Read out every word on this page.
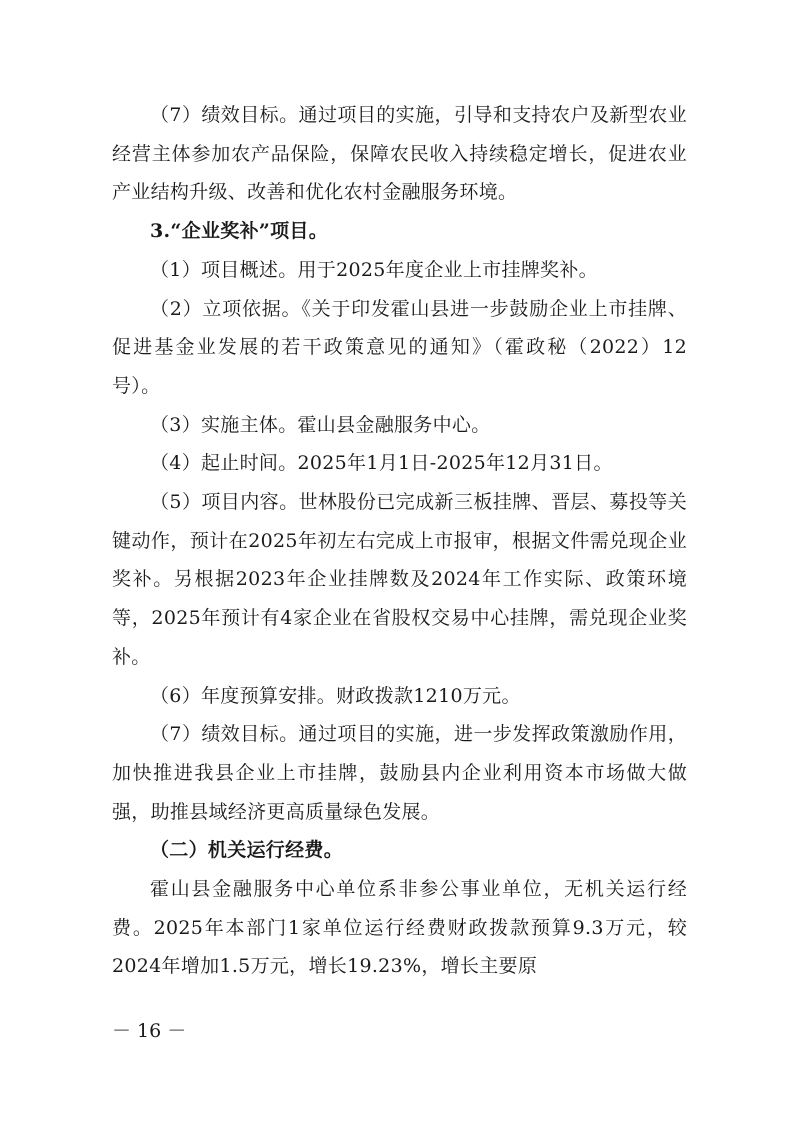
（7）绩效目标。通过项目的实施，引导和支持农户及新型农业经营主体参加农产品保险，保障农民收入持续稳定增长，促进农业产业结构升级、改善和优化农村金融服务环境。

3.“企业奖补”项目。

（1）项目概述。用于2025年度企业上市挂牌奖补。

（2）立项依据。《关于印发霍山县进一步鼓励企业上市挂牌、促进基金业发展的若干政策意见的通知》（霍政秘（2022）12号）。

（3）实施主体。霍山县金融服务中心。

（4）起止时间。2025年1月1日-2025年12月31日。

（5）项目内容。世林股份已完成新三板挂牌、晋层、募投等关键动作，预计在2025年初左右完成上市报审，根据文件需兑现企业奖补。另根据2023年企业挂牌数及2024年工作实际、政策环境等，2025年预计有4家企业在省股权交易中心挂牌，需兑现企业奖补。

（6）年度预算安排。财政拨款1210万元。

（7）绩效目标。通过项目的实施，进一步发挥政策激励作用，加快推进我县企业上市挂牌，鼓励县内企业利用资本市场做大做强，助推县域经济更高质量绿色发展。

（二）机关运行经费。

霍山县金融服务中心单位系非参公事业单位，无机关运行经费。2025年本部门1家单位运行经费财政拨款预算9.3万元，较2024年增加1.5万元，增长19.23%，增长主要原

－ 16 －
